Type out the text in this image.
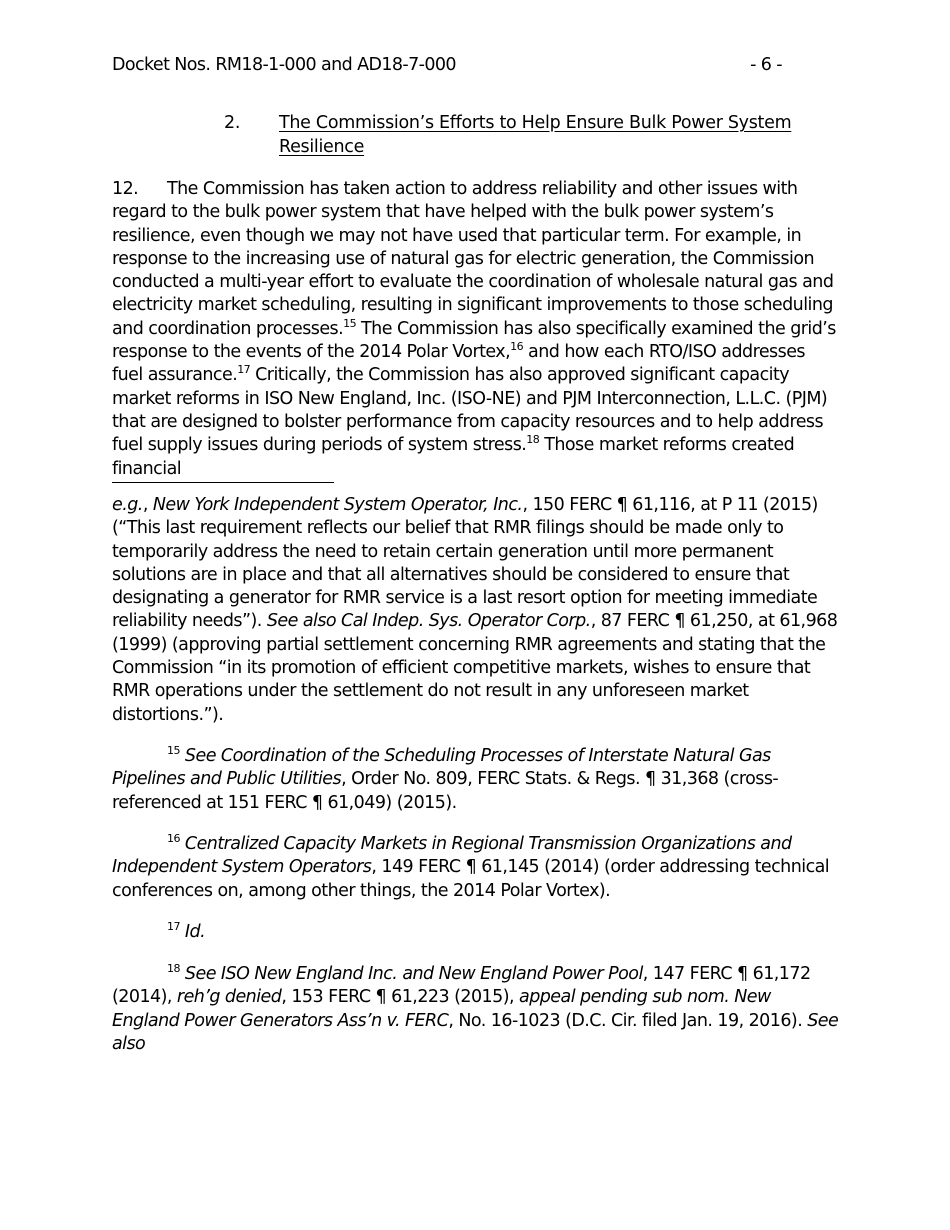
Docket Nos. RM18-1-000 and AD18-7-000	- 6 -
2. The Commission’s Efforts to Help Ensure Bulk Power System Resilience

12. The Commission has taken action to address reliability and other issues with regard to the bulk power system that have helped with the bulk power system’s resilience, even though we may not have used that particular term. For example, in response to the increasing use of natural gas for electric generation, the Commission conducted a multi-year effort to evaluate the coordination of wholesale natural gas and electricity market scheduling, resulting in significant improvements to those scheduling and coordination processes.$^{15}$ The Commission has also specifically examined the grid’s response to the events of the 2014 Polar Vortex,$^{16}$ and how each RTO/ISO addresses fuel assurance.$^{17}$ Critically, the Commission has also approved significant capacity market reforms in ISO New England, Inc. (ISO-NE) and PJM Interconnection, L.L.C. (PJM) that are designed to bolster performance from capacity resources and to help address fuel supply issues during periods of system stress.$^{18}$ Those market reforms created financial

e.g., New York Independent System Operator, Inc., 150 FERC ¶ 61,116, at P 11 (2015) (“This last requirement reflects our belief that RMR filings should be made only to temporarily address the need to retain certain generation until more permanent solutions are in place and that all alternatives should be considered to ensure that designating a generator for RMR service is a last resort option for meeting immediate reliability needs”). See also Cal Indep. Sys. Operator Corp., 87 FERC ¶ 61,250, at 61,968 (1999) (approving partial settlement concerning RMR agreements and stating that the Commission “in its promotion of efficient competitive markets, wishes to ensure that RMR operations under the settlement do not result in any unforeseen market distortions.”).

$^{15}$ See Coordination of the Scheduling Processes of Interstate Natural Gas Pipelines and Public Utilities, Order No. 809, FERC Stats. & Regs. ¶ 31,368 (cross-referenced at 151 FERC ¶ 61,049) (2015).

$^{16}$ Centralized Capacity Markets in Regional Transmission Organizations and Independent System Operators, 149 FERC ¶ 61,145 (2014) (order addressing technical conferences on, among other things, the 2014 Polar Vortex).

$^{17}$ Id.

$^{18}$ See ISO New England Inc. and New England Power Pool, 147 FERC ¶ 61,172 (2014), reh’g denied, 153 FERC ¶ 61,223 (2015), appeal pending sub nom. New England Power Generators Ass’n v. FERC, No. 16-1023 (D.C. Cir. filed Jan. 19, 2016). See also
